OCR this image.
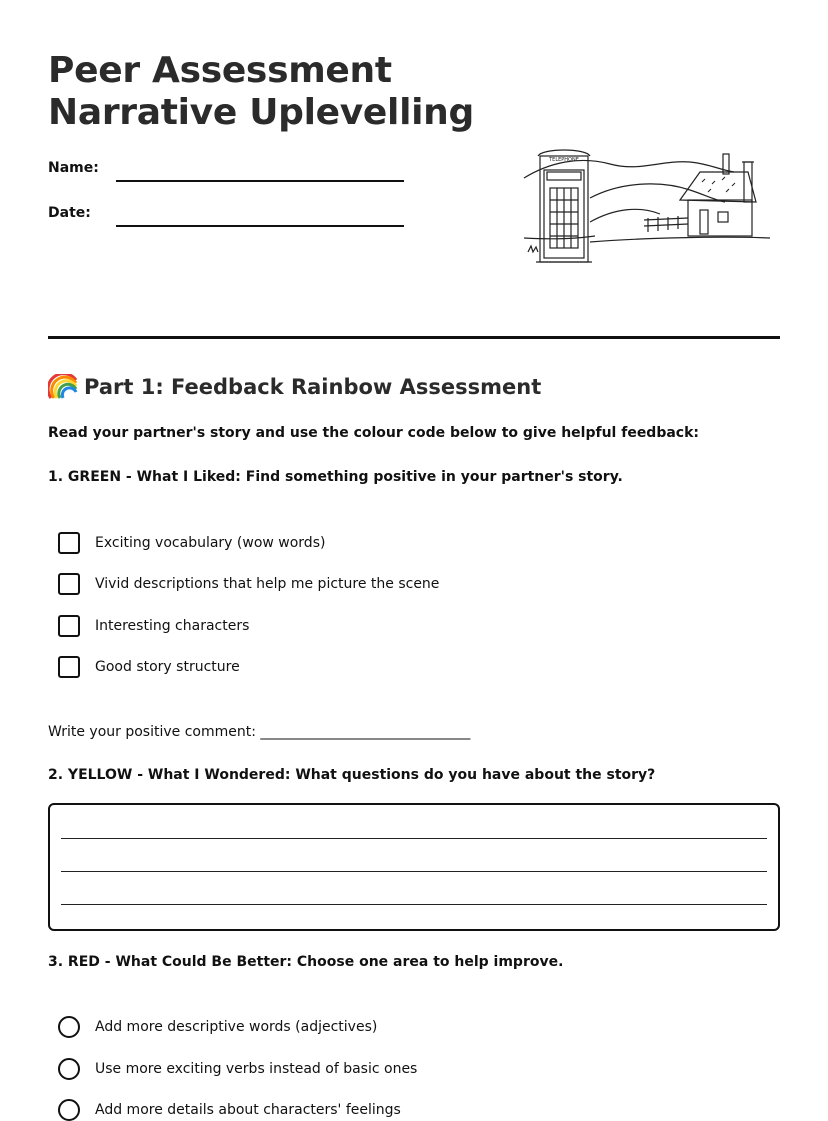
Peer Assessment
Narrative Uplevelling
Name:
Date:
TELEPHONE
Part 1: Feedback Rainbow Assessment
Read your partner's story and use the colour code below to give helpful feedback:
1. GREEN - What I Liked: Find something positive in your partner's story.
Exciting vocabulary (wow words)
Vivid descriptions that help me picture the scene
Interesting characters
Good story structure
Write your positive comment: ______________________________
2. YELLOW - What I Wondered: What questions do you have about the story?
3. RED - What Could Be Better: Choose one area to help improve.
Add more descriptive words (adjectives)
Use more exciting verbs instead of basic ones
Add more details about characters' feelings
